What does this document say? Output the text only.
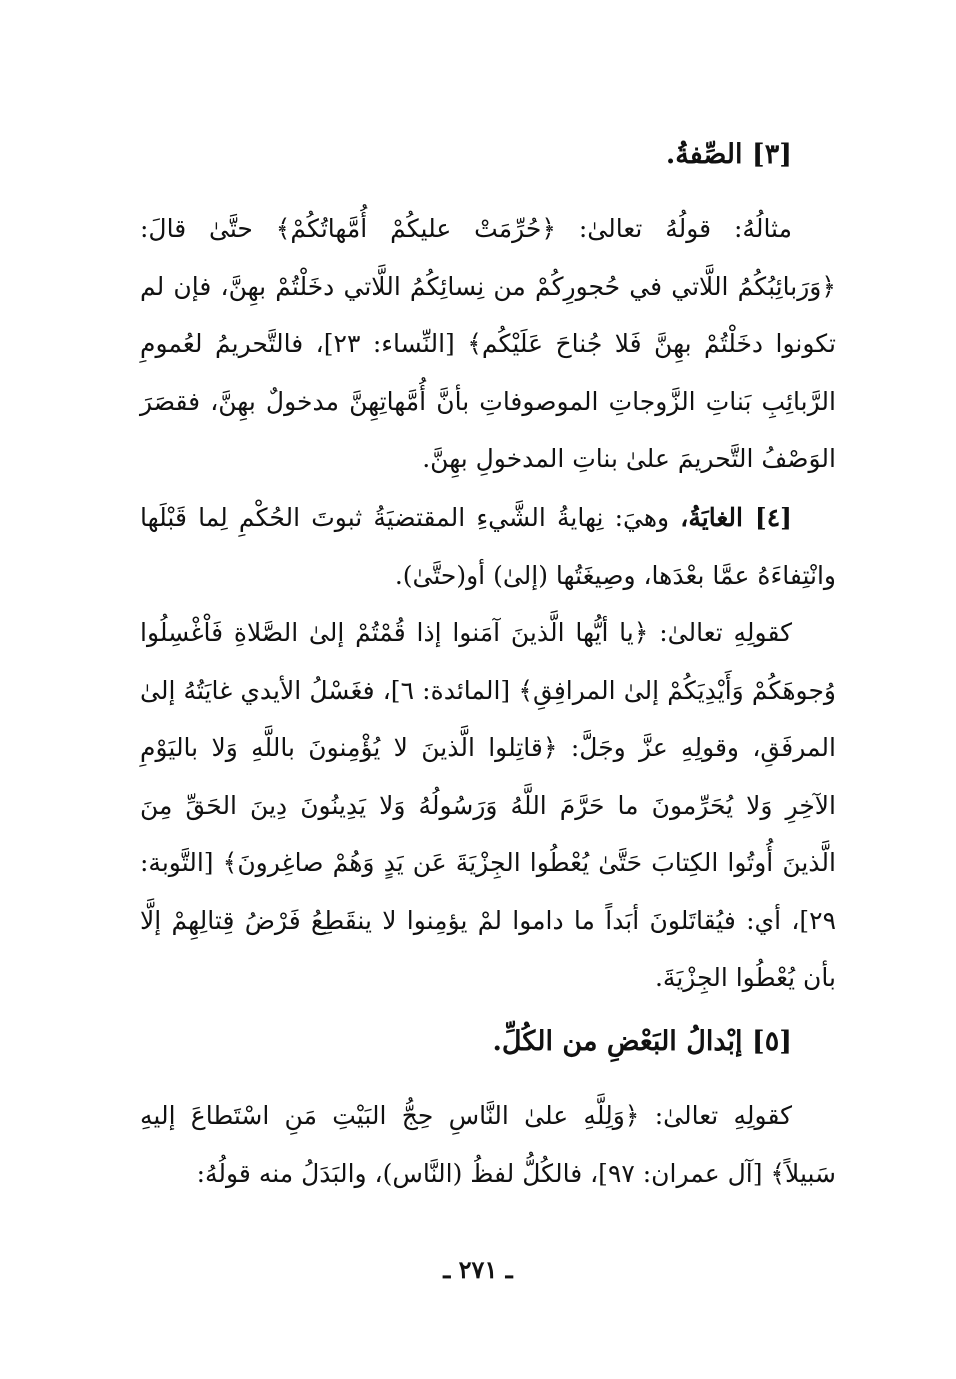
[٣] الصِّفةُ.

مثالُهُ: قولُهُ تعالىٰ: ﴿حُرِّمَتْ عليكُمْ أُمَّهاتُكُمْ﴾ حتَّىٰ قالَ: ﴿وَرَبائِبُكُمُ اللَّاتي في حُجورِكُمْ من نِسائِكُمُ اللَّاتي دخَلْتُمْ بهِنَّ، فإن لم تكونوا دخَلْتُمْ بهِنَّ فَلا جُناحَ عَلَيْكُم﴾ [النِّساء: ٢٣]، فالتَّحريمُ لعُمومِ الرَّبائِبِ بَناتِ الزَّوجاتِ الموصوفاتِ بأنَّ أُمَّهاتِهِنَّ مدخولٌ بهِنَّ، فقصَرَ الوَصْفُ التَّحريمَ علىٰ بناتِ المدخولِ بهِنَّ.

[٤] الغايَةُ، وهيَ: نِهايةُ الشَّيءِ المقتضيَةُ ثبوتَ الحُكْمِ لِما قَبْلَها وانْتِفاءَهُ عمَّا بعْدَها، وصِيغَتُها (إلىٰ) أو(حتَّىٰ).

كقولِهِ تعالىٰ: ﴿يا أيُّها الَّذينَ آمَنوا إذا قُمْتُمْ إلىٰ الصَّلاةِ فَاْغْسِلُوا وُجوهَكُمْ وَأَيْدِيَكُمْ إلىٰ المرافِقِ﴾ [المائدة: ٦]، فغَسْلُ الأيدي غايَتُهُ إلىٰ المرفَقِ، وقولِهِ عزَّ وجَلَّ: ﴿قاتِلوا الَّذينَ لا يُؤْمِنونَ باللَّهِ وَلا باليَوْمِ الآخِرِ وَلا يُحَرِّمونَ ما حَرَّمَ اللَّهُ وَرَسُولُهُ وَلا يَدِينُونَ دِينَ الحَقِّ مِنَ الَّذينَ أُوتُوا الكِتابَ حَتَّىٰ يُعْطُوا الجِزْيَةَ عَن يَدٍ وَهُمْ صاغِرونَ﴾ [التَّوبة: ٢٩]، أي: فيُقاتَلونَ أبَداً ما داموا لمْ يؤمِنوا لا ينقَطِعُ فَرْضُ قِتالِهِمْ إلَّا بأن يُعْطُوا الجِزْيَةَ.

[٥] إبْدالُ البَعْضِ من الكُلِّ.

كقولِهِ تعالىٰ: ﴿وَلِلَّهِ علىٰ النَّاسِ حِجُّ البَيْتِ مَنِ اسْتَطاعَ إليهِ سَبيلاً﴾ [آل عمران: ٩٧]، فالكُلُّ لفظُ (النَّاس)، والبَدَلُ منه قولُهُ:

ـ ٢٧١ ـ
